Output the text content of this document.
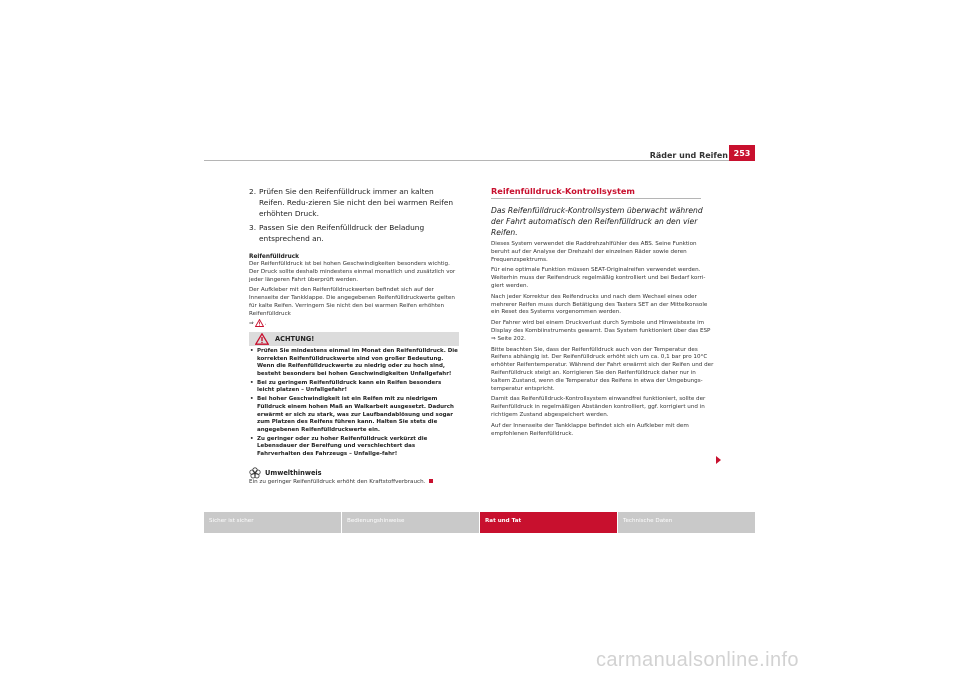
Räder und Reifen 253
2. Prüfen Sie den Reifenfülldruck immer an kalten Reifen. Redu-zieren Sie nicht den bei warmen Reifen erhöhten Druck.
3. Passen Sie den Reifenfülldruck der Beladung entsprechend an.
Reifenfülldruck
Der Reifenfülldruck ist bei hohen Geschwindigkeiten besonders wichtig. Der Druck sollte deshalb mindestens einmal monatlich und zusätzlich vor jeder längeren Fahrt überprüft werden.
Der Aufkleber mit den Reifenfülldruckwerten befindet sich auf der Innenseite der Tankklappe. Die angegebenen Reifenfülldruckwerte gelten für kalte Reifen. Verringern Sie nicht den bei warmen Reifen erhöhten Reifenfülldruck
⇒ .
ACHTUNG!
• Prüfen Sie mindestens einmal im Monat den Reifenfülldruck. Die korrekten Reifenfülldruckwerte sind von großer Bedeutung. Wenn die Reifenfülldruckwerte zu niedrig oder zu hoch sind, besteht besonders bei hohen Geschwindigkeiten Unfallgefahr!
• Bei zu geringem Reifenfülldruck kann ein Reifen besonders leicht platzen – Unfallgefahr!
• Bei hoher Geschwindigkeit ist ein Reifen mit zu niedrigem Fülldruck einem hohen Maß an Walkarbeit ausgesetzt. Dadurch erwärmt er sich zu stark, was zur Laufbandablösung und sogar zum Platzen des Reifens führen kann. Halten Sie stets die angegebenen Reifenfülldruckwerte ein.
• Zu geringer oder zu hoher Reifenfülldruck verkürzt die Lebensdauer der Bereifung und verschlechtert das Fahrverhalten des Fahrzeugs – Unfallge-fahr!
Umwelthinweis
Ein zu geringer Reifenfülldruck erhöht den Kraftstoffverbrauch.
Reifenfülldruck-Kontrollsystem
Das Reifenfülldruck-Kontrollsystem überwacht während der Fahrt automatisch den Reifenfülldruck an den vier Reifen.
Dieses System verwendet die Raddrehzahlfühler des ABS. Seine Funktion beruht auf der Analyse der Drehzahl der einzelnen Räder sowie deren Frequenzspektrums.
Für eine optimale Funktion müssen SEAT-Originalreifen verwendet werden. Weiterhin muss der Reifendruck regelmäßig kontrolliert und bei Bedarf korri-giert werden.
Nach jeder Korrektur des Reifendrucks und nach dem Wechsel eines oder mehrerer Reifen muss durch Betätigung des Tasters SET an der Mittelkonsole ein Reset des Systems vorgenommen werden.
Der Fahrer wird bei einem Druckverlust durch Symbole und Hinweistexte im Display des Kombiinstruments gewarnt. Das System funktioniert über das ESP ⇒ Seite 202.
Bitte beachten Sie, dass der Reifenfülldruck auch von der Temperatur des Reifens abhängig ist. Der Reifenfülldruck erhöht sich um ca. 0,1 bar pro 10°C erhöhter Reifentemperatur. Während der Fahrt erwärmt sich der Reifen und der Reifenfülldruck steigt an. Korrigieren Sie den Reifenfülldruck daher nur in kaltem Zustand, wenn die Temperatur des Reifens in etwa der Umgebungs-temperatur entspricht.
Damit das Reifenfülldruck-Kontrollsystem einwandfrei funktioniert, sollte der Reifenfülldruck in regelmäßigen Abständen kontrolliert, ggf. korrigiert und in richtigem Zustand abgespeichert werden.
Auf der Innenseite der Tankklappe befindet sich ein Aufkleber mit dem empfohlenen Reifenfülldruck.
Sicher ist sicher	Bedienungshinweise	Rat und Tat	Technische Daten
carmanualsonline.info
